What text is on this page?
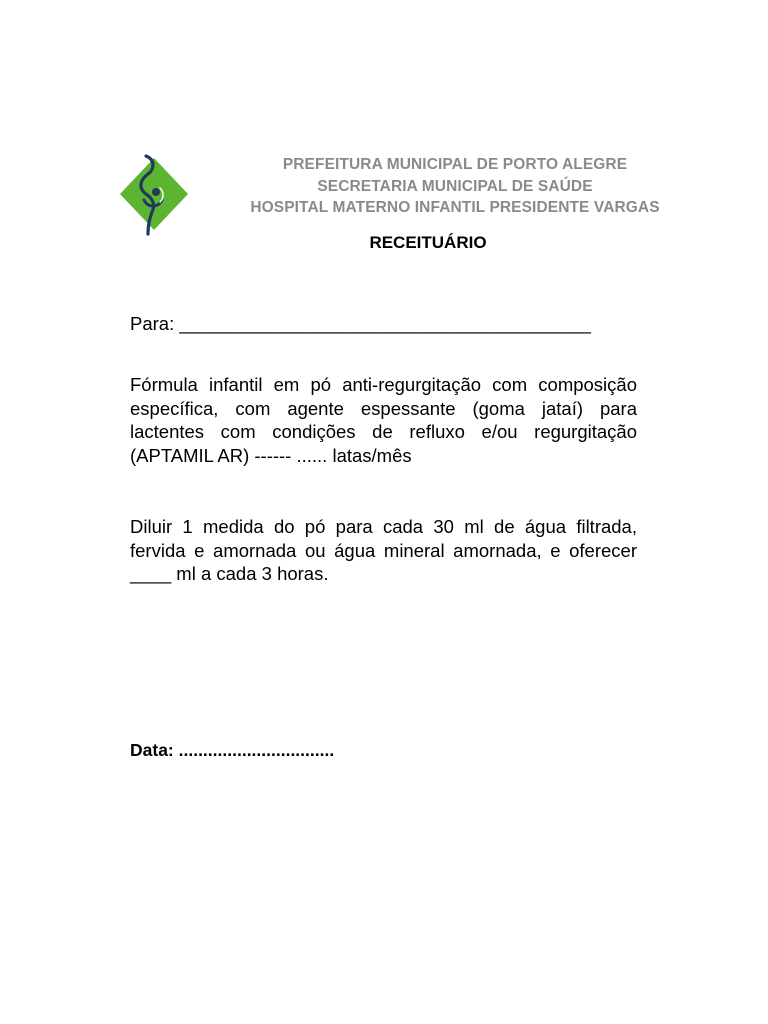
PREFEITURA MUNICIPAL DE PORTO ALEGRE
SECRETARIA MUNICIPAL DE SAÚDE
HOSPITAL MATERNO INFANTIL PRESIDENTE VARGAS
RECEITUÁRIO
Para: ________________________________________
Fórmula infantil em pó anti-regurgitação com composição específica, com agente espessante (goma jataí) para lactentes com condições de refluxo e/ou regurgitação (APTAMIL AR) ------ ...... latas/mês
Diluir 1 medida do pó para cada 30 ml de água filtrada, fervida e amornada ou água mineral amornada, e oferecer ____ ml a cada 3 horas.
Data: ................................
